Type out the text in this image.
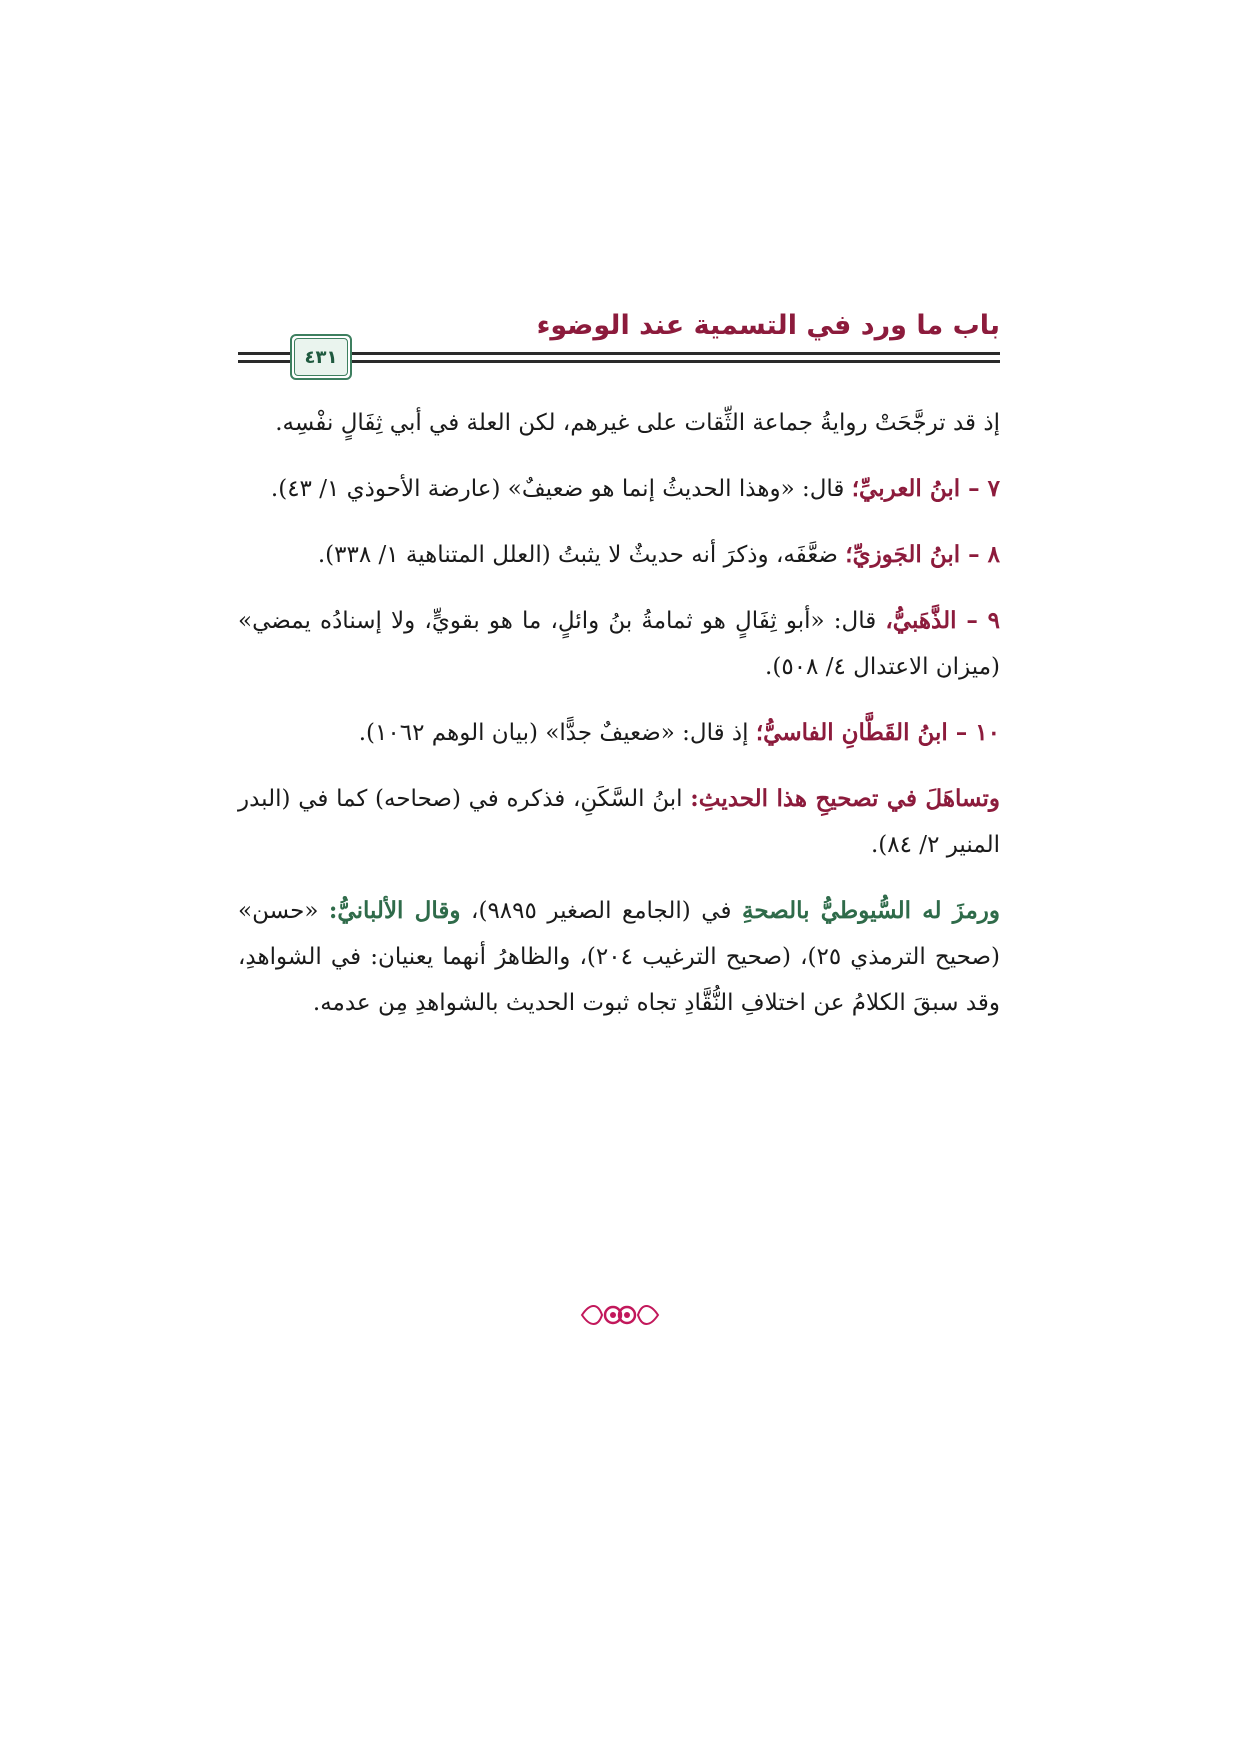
باب ما ورد في التسمية عند الوضوء
٤٣١

إذ قد ترجَّحَتْ روايةُ جماعة الثِّقات على غيرهم، لكن العلة في أبي ثِفَالٍ نفْسِه.

٧ – ابنُ العربيِّ؛ قال: «وهذا الحديثُ إنما هو ضعيفٌ» (عارضة الأحوذي ١/ ٤٣).

٨ – ابنُ الجَوزيِّ؛ ضعَّفَه، وذكرَ أنه حديثٌ لا يثبتُ (العلل المتناهية ١/ ٣٣٨).

٩ – الذَّهَبيُّ، قال: «أبو ثِفَالٍ هو ثمامةُ بنُ وائلٍ، ما هو بقويٍّ، ولا إسنادُه يمضي» (ميزان الاعتدال ٤/ ٥٠٨).

١٠ – ابنُ القَطَّانِ الفاسيُّ؛ إذ قال: «ضعيفٌ جدًّا» (بيان الوهم ١٠٦٢).

وتساهَلَ في تصحيحِ هذا الحديثِ: ابنُ السَّكَنِ، فذكره في (صحاحه) كما في (البدر المنير ٢/ ٨٤).

ورمزَ له السُّيوطيُّ بالصحةِ في (الجامع الصغير ٩٨٩٥)، وقال الألبانيُّ: «حسن» (صحيح الترمذي ٢٥)، (صحيح الترغيب ٢٠٤)، والظاهرُ أنهما يعنيان: في الشواهدِ، وقد سبقَ الكلامُ عن اختلافِ النُّقَّادِ تجاه ثبوت الحديث بالشواهدِ مِن عدمه.
